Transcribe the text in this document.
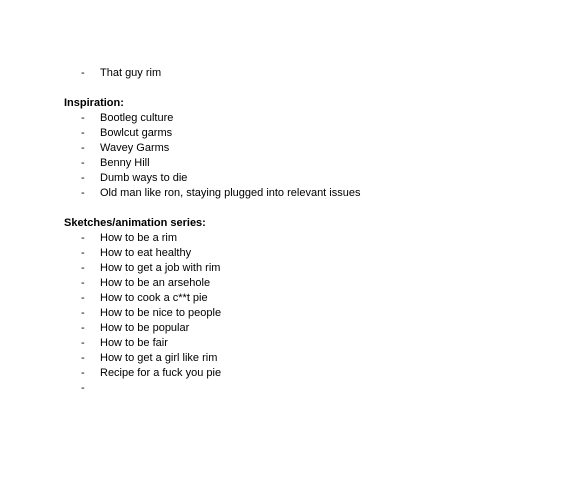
- That guy rim
Inspiration:
- Bootleg culture
- Bowlcut garms
- Wavey Garms
- Benny Hill
- Dumb ways to die
- Old man like ron, staying plugged into relevant issues
Sketches/animation series:
- How to be a rim
- How to eat healthy
- How to get a job with rim
- How to be an arsehole
- How to cook a c**t pie
- How to be nice to people
- How to be popular
- How to be fair
- How to get a girl like rim
- Recipe for a fuck you pie
-
